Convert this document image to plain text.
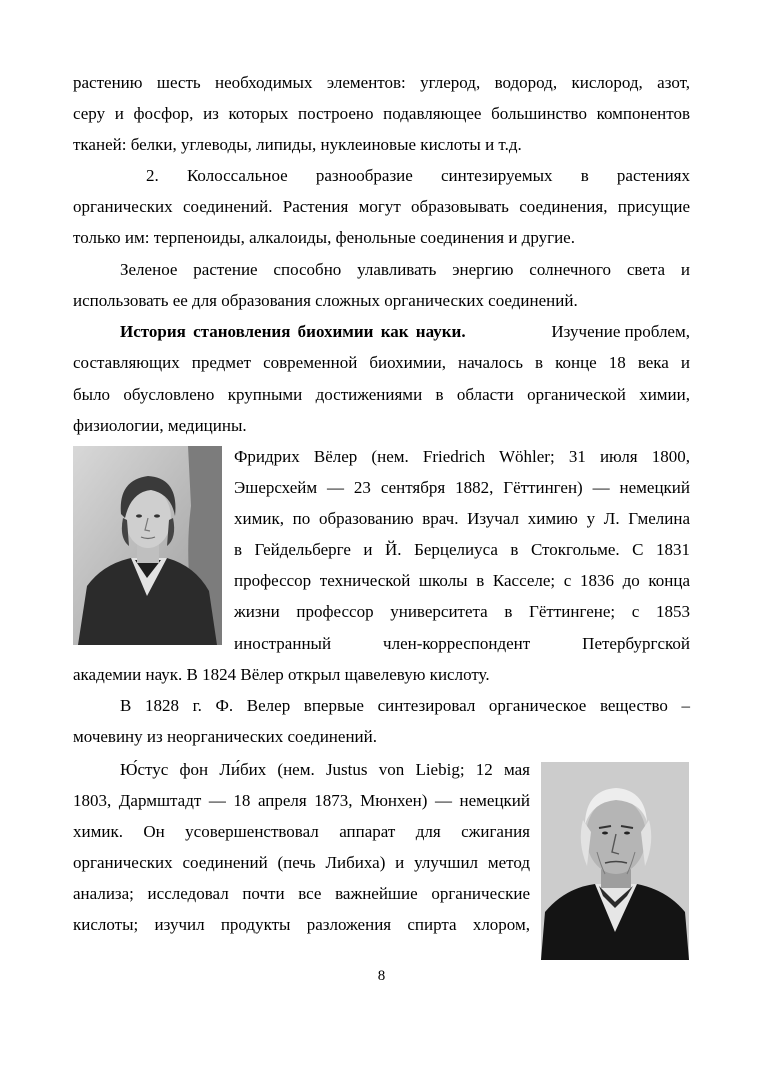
растению шесть необходимых элементов: углерод, водород, кислород, азот,
серу и фосфор, из которых построено подавляющее большинство компонентов
тканей: белки, углеводы, липиды, нуклеиновые кислоты и т.д.
2. Колоссальное разнообразие синтезируемых в растениях
органических соединений. Растения могут образовывать соединения, присущие
только им: терпеноиды, алкалоиды, фенольные соединения и другие.
Зеленое растение способно улавливать энергию солнечного света и
использовать ее для образования сложных органических соединений.
История становления биохимии как науки.	Изучение проблем,
составляющих предмет современной биохимии, началось в конце 18 века и
было обусловлено крупными достижениями в области органической химии,
физиологии, медицины.
Фридрих Вёлер (нем. Friedrich Wöhler; 31 июля 1800,
Эшерсхейм — 23 сентября 1882, Гёттинген) — немецкий
химик, по образованию врач. Изучал химию у Л. Гмелина
в Гейдельберге и Й. Берцелиуса в Стокгольме. С 1831
профессор технической школы в Касселе; с 1836 до конца
жизни профессор университета в Гёттингене; с 1853
иностранный член-корреспондент Петербургской
академии наук. В 1824 Вёлер открыл щавелевую кислоту.
В 1828 г. Ф. Велер впервые синтезировал органическое вещество –
мочевину из неорганических соединений.
Ю́стус фон Ли́бих (нем. Justus von Liebig; 12 мая
1803, Дармштадт — 18 апреля 1873, Мюнхен) — немецкий
химик. Он усовершенствовал аппарат для сжигания
органических соединений (печь Либиха) и улучшил метод
анализа; исследовал почти все важнейшие органические
кислоты; изучил продукты разложения спирта хлором,
8
